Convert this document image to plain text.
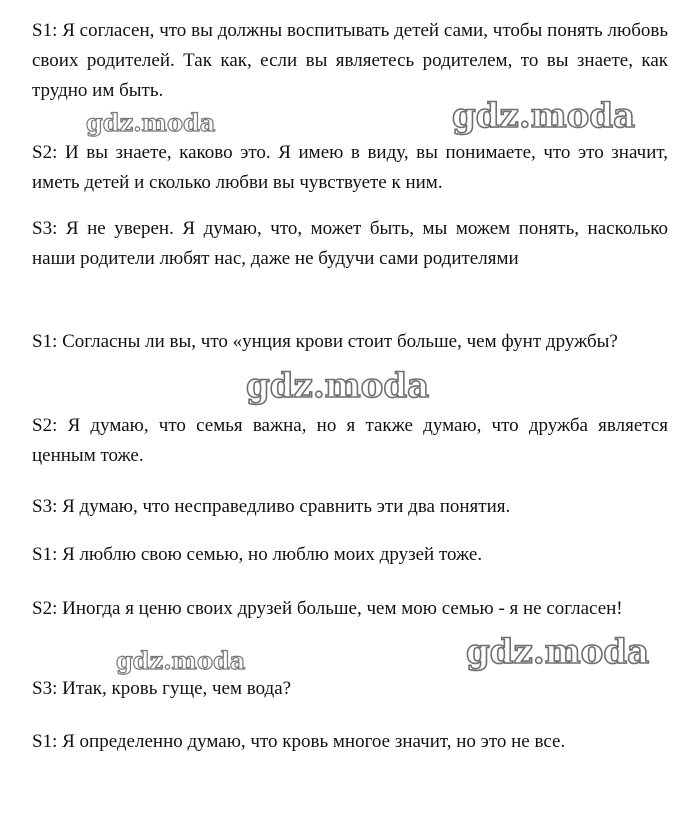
S1: Я согласен, что вы должны воспитывать детей сами, чтобы понять любовь своих родителей. Так как, если вы являетесь родителем, то вы знаете, как трудно им быть.

S2: И вы знаете, каково это. Я имею в виду, вы понимаете, что это значит, иметь детей и сколько любви вы чувствуете к ним.

S3: Я не уверен. Я думаю, что, может быть, мы можем понять, насколько наши родители любят нас, даже не будучи сами родителями

S1: Согласны ли вы, что «унция крови стоит больше, чем фунт дружбы?

S2: Я думаю, что семья важна, но я также думаю, что дружба является ценным тоже.

S3: Я думаю, что несправедливо сравнить эти два понятия.

S1: Я люблю свою семью, но люблю моих друзей тоже.

S2: Иногда я ценю своих друзей больше, чем мою семью - я не согласен!

S3: Итак, кровь гуще, чем вода?

S1: Я определенно думаю, что кровь многое значит, но это не все.

gdz.moda	gdz.moda
gdz.moda
gdz.moda	gdz.moda
